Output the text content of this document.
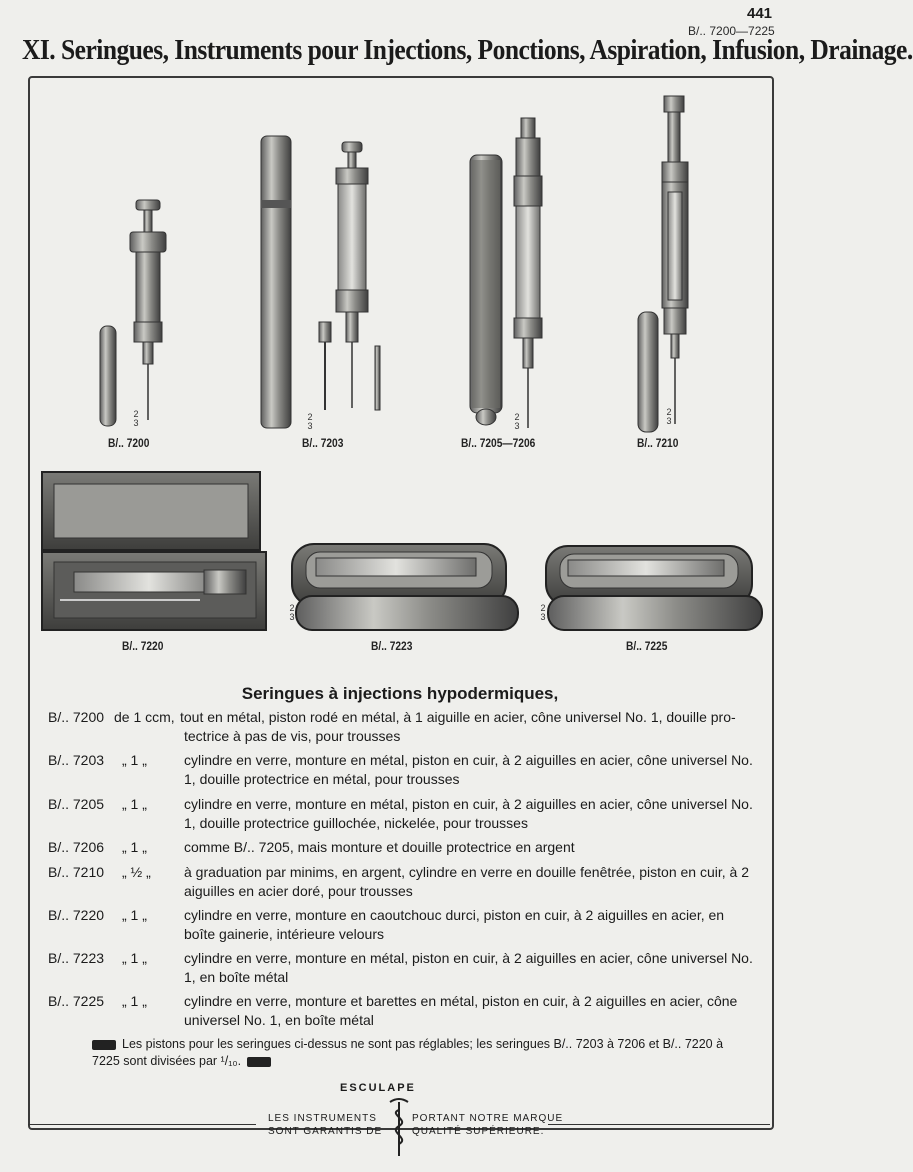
441
B/.. 7200—7225
XI. Seringues, Instruments pour Injections, Ponctions, Aspiration, Infusion, Drainage.
2
3
2
3
2
3
2
3
2
3
2
3
B/.. 7200	B/.. 7203	B/.. 7205—7206	B/.. 7210
B/.. 7220	B/.. 7223	B/.. 7225
Seringues à injections hypodermiques,
B/.. 7200 de 1 ccm, tout en métal, piston rodé en métal, à 1 aiguille en acier, cône universel No. 1, douille pro-
tectrice à pas de vis, pour trousses
B/.. 7203	„ 1 „	cylindre en verre, monture en métal, piston en cuir, à 2 aiguilles en acier, cône universel No. 1, douille protectrice en métal, pour trousses
B/.. 7205	„ 1 „	cylindre en verre, monture en métal, piston en cuir, à 2 aiguilles en acier, cône universel No. 1, douille protectrice guillochée, nickelée, pour trousses
B/.. 7206	„ 1 „	comme B/.. 7205, mais monture et douille protectrice en argent
B/.. 7210	„ ½ „	à graduation par minims, en argent, cylindre en verre en douille fenêtrée, piston en cuir, à 2 aiguilles en acier doré, pour trousses
B/.. 7220	„ 1 „	cylindre en verre, monture en caoutchouc durci, piston en cuir, à 2 aiguilles en acier, en boîte gainerie, intérieure velours
B/.. 7223	„ 1 „	cylindre en verre, monture en métal, piston en cuir, à 2 aiguilles en acier, cône universel No. 1, en boîte métal
B/.. 7225	„ 1 „	cylindre en verre, monture et barettes en métal, piston en cuir, à 2 aiguilles en acier, cône universel No. 1, en boîte métal
Les pistons pour les seringues ci-dessus ne sont pas réglables; les seringues B/.. 7203 à 7206 et B/.. 7220 à 7225 sont divisées par ¹/₁₀.
ESCULAPE
LES INSTRUMENTS
SONT GARANTIS DE
PORTANT NOTRE MARQUE
QUALITÉ SUPÉRIEURE.
